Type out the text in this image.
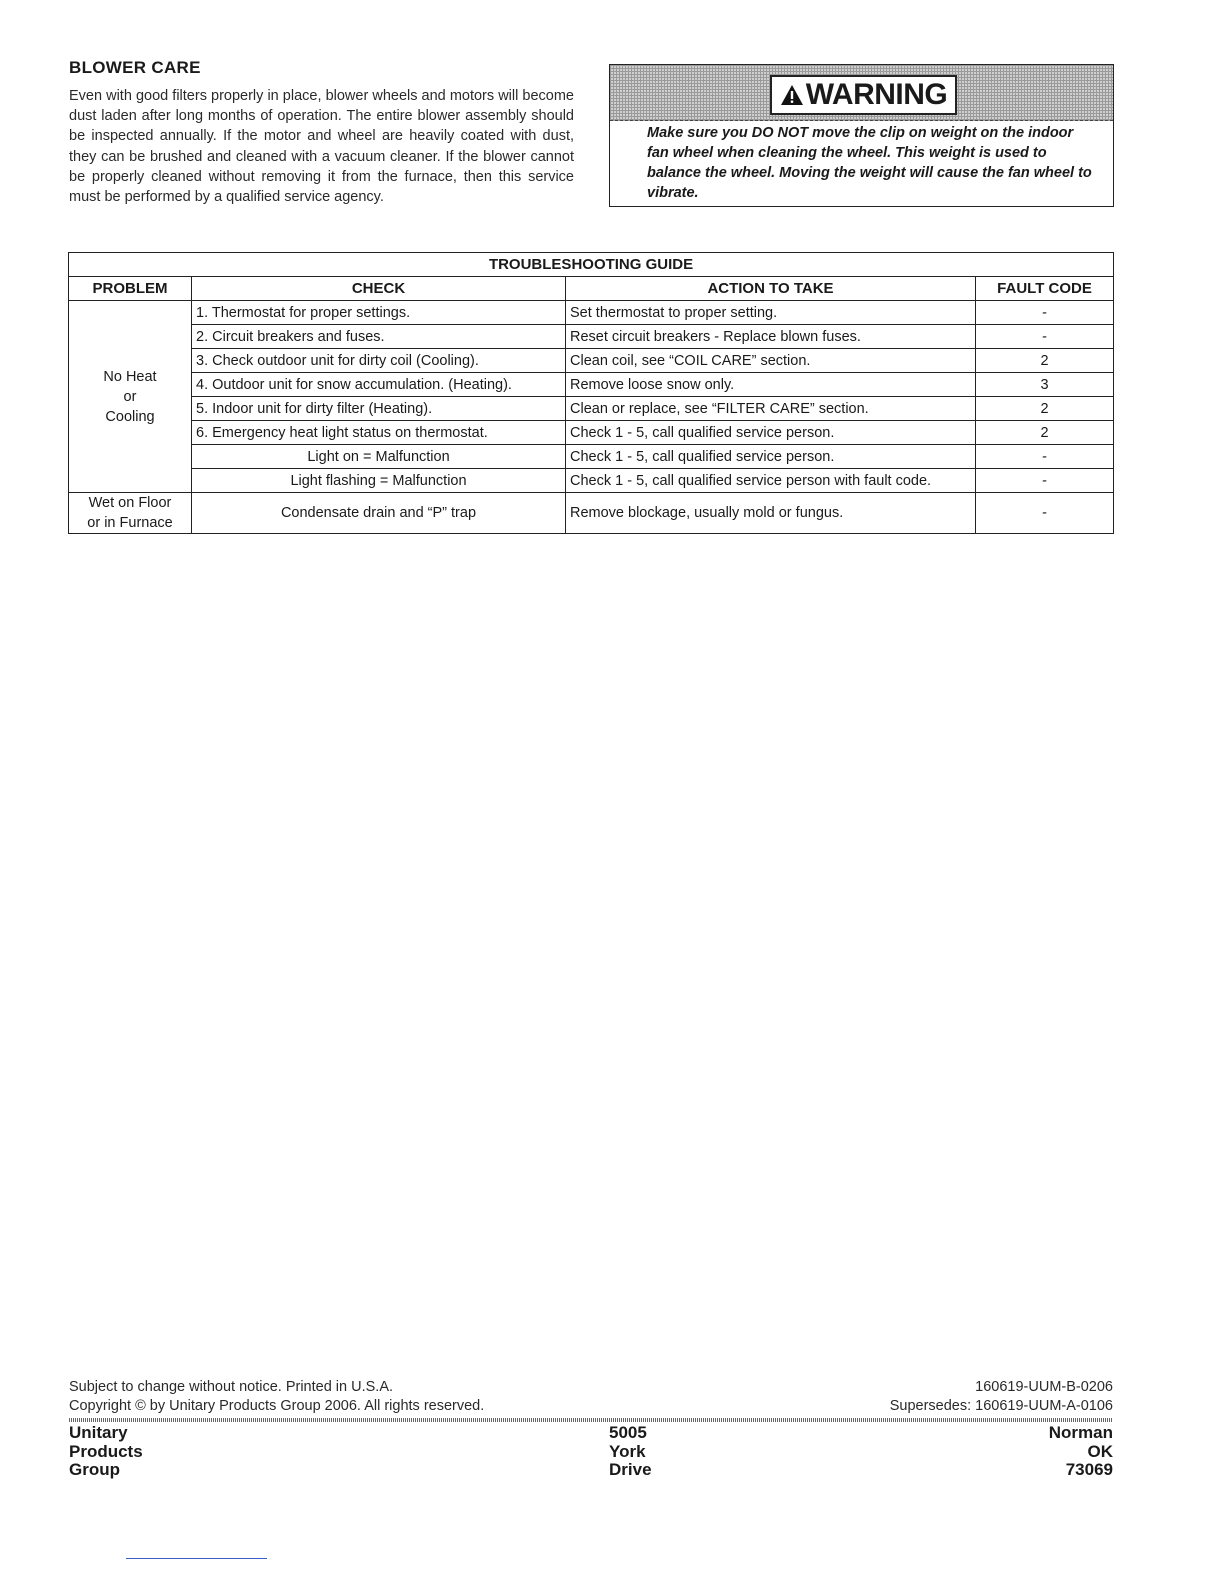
BLOWER CARE
Even with good filters properly in place, blower wheels and motors will become dust laden after long months of operation. The entire blower assembly should be inspected annually. If the motor and wheel are heavily coated with dust, they can be brushed and cleaned with a vacuum cleaner. If the blower cannot be properly cleaned without removing it from the furnace, then this service must be performed by a qualified service agency.
WARNING
Make sure you DO NOT move the clip on weight on the indoor fan wheel when cleaning the wheel. This weight is used to balance the wheel. Moving the weight will cause the fan wheel to vibrate.
TROUBLESHOOTING GUIDE			
PROBLEM	CHECK	ACTION TO TAKE	FAULT CODE

No Heat
or
Cooling	1. Thermostat for proper settings.	Set thermostat to proper setting.	-
	2. Circuit breakers and fuses.	Reset circuit breakers - Replace blown fuses.	-
	3. Check outdoor unit for dirty coil (Cooling).	Clean coil, see “COIL CARE” section.	2
	4. Outdoor unit for snow accumulation. (Heating).	Remove loose snow only.	3
	5. Indoor unit for dirty filter (Heating).	Clean or replace, see “FILTER CARE” section.	2
	6. Emergency heat light status on thermostat.	Check 1 - 5, call qualified service person.	2
	Light on = Malfunction	Check 1 - 5, call qualified service person.	-
	Light flashing = Malfunction	Check 1 - 5, call qualified service person with fault code.	-

Wet on Floor
or in Furnace	Condensate drain and “P” trap	Remove blockage, usually mold or fungus.	-
Subject to change without notice. Printed in U.S.A.
Copyright © by Unitary Products Group 2006. All rights reserved.
160619-UUM-B-0206
Supersedes: 160619-UUM-A-0106
Unitary
Products
Group
5005
York
Drive
Norman
OK
73069
